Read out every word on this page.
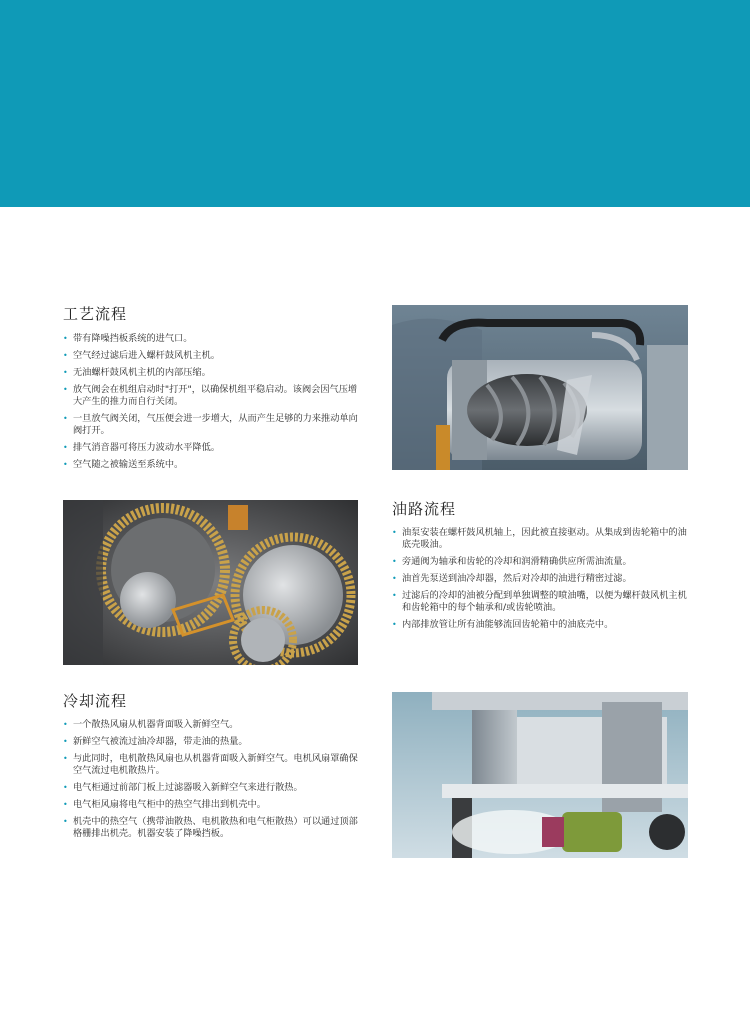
工艺流程
• 带有降噪挡板系统的进气口。
• 空气经过滤后进入螺杆鼓风机主机。
• 无油螺杆鼓风机主机的内部压缩。
• 放气阀会在机组启动时"打开"，以确保机组平稳启动。该阀会因气压增大产生的推力而自行关闭。
• 一旦放气阀关闭，气压便会进一步增大，从而产生足够的力来推动单向阀打开。
• 排气消音器可将压力波动水平降低。
• 空气随之被输送至系统中。
油路流程
• 油泵安装在螺杆鼓风机轴上，因此被直接驱动。从集成到齿轮箱中的油底壳吸油。
• 旁通阀为轴承和齿轮的冷却和润滑精确供应所需油流量。
• 油首先泵送到油冷却器，然后对冷却的油进行精密过滤。
• 过滤后的冷却的油被分配到单独调整的喷油嘴，以便为螺杆鼓风机主机和齿轮箱中的每个轴承和/或齿轮喷油。
• 内部排放管让所有油能够流回齿轮箱中的油底壳中。
冷却流程
• 一个散热风扇从机器背面吸入新鲜空气。
• 新鲜空气被流过油冷却器，带走油的热量。
• 与此同时，电机散热风扇也从机器背面吸入新鲜空气。电机风扇罩确保空气流过电机散热片。
• 电气柜通过前部门板上过滤器吸入新鲜空气来进行散热。
• 电气柜风扇将电气柜中的热空气排出到机壳中。
• 机壳中的热空气（携带油散热、电机散热和电气柜散热）可以通过顶部格栅排出机壳。机器安装了降噪挡板。
